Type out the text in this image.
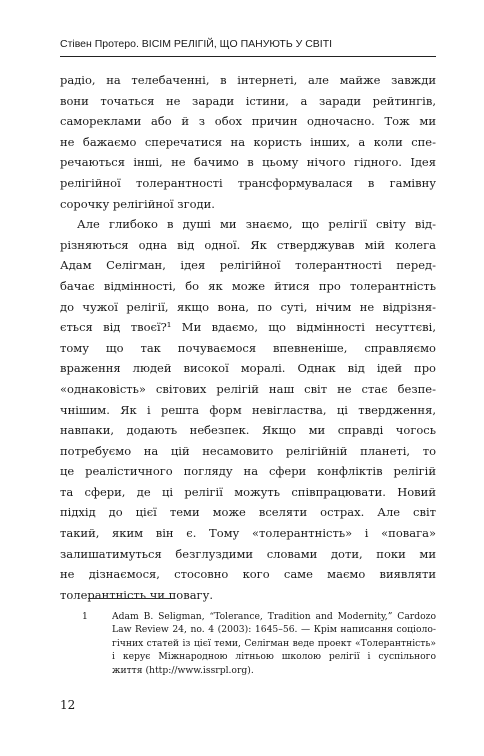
Стівен Протеро. ВІСІМ РЕЛІГІЙ, ЩО ПАНУЮТЬ У СВІТІ
радіо, на телебаченні, в інтернеті, але майже завжди
вони точаться не заради істини, а заради рейтингів,
самореклами або й з обох причин одночасно. Тож ми
не бажаємо сперечатися на користь інших, а коли спе-
речаються інші, не бачимо в цьому нічого гідного. Ідея
релігійної толерантності трансформувалася в гамівну
сорочку релігійної згоди.
Але глибоко в душі ми знаємо, що релігії світу від-
різняються одна від одної. Як стверджував мій колега
Адам Селігман, ідея релігійної толерантності перед-
бачає відмінності, бо як може йтися про толерантність
до чужої релігії, якщо вона, по суті, нічим не відрізня-
ється від твоєї?¹ Ми вдаємо, що відмінності несуттєві,
тому що так почуваємося впевненіше, справляємо
враження людей високої моралі. Однак від ідей про
«однаковість» світових релігій наш світ не стає безпе-
чнішим. Як і решта форм невігластва, ці твердження,
навпаки, додають небезпек. Якщо ми справді чогось
потребуємо на цій несамовито релігійній планеті, то
це реалістичного погляду на сфери конфліктів релігій
та сфери, де ці релігії можуть співпрацювати. Новий
підхід до цієї теми може вселяти острах. Але світ
такий, яким він є. Тому «толерантність» і «повага»
залишатимуться безглуздими словами доти, поки ми
не дізнаємося, стосовно кого саме маємо виявляти
толерантність чи повагу.
1	Adam B. Seligman, “Tolerance, Tradition and Modernity,” Cardozo
Law Review 24, no. 4 (2003): 1645–56. — Крім написання соціоло-
гічних статей із цієї теми, Селігман веде проект «Толерантність»
і керує Міжнародною літньою школою релігії і суспільного
життя (http://www.issrpl.org).
12
